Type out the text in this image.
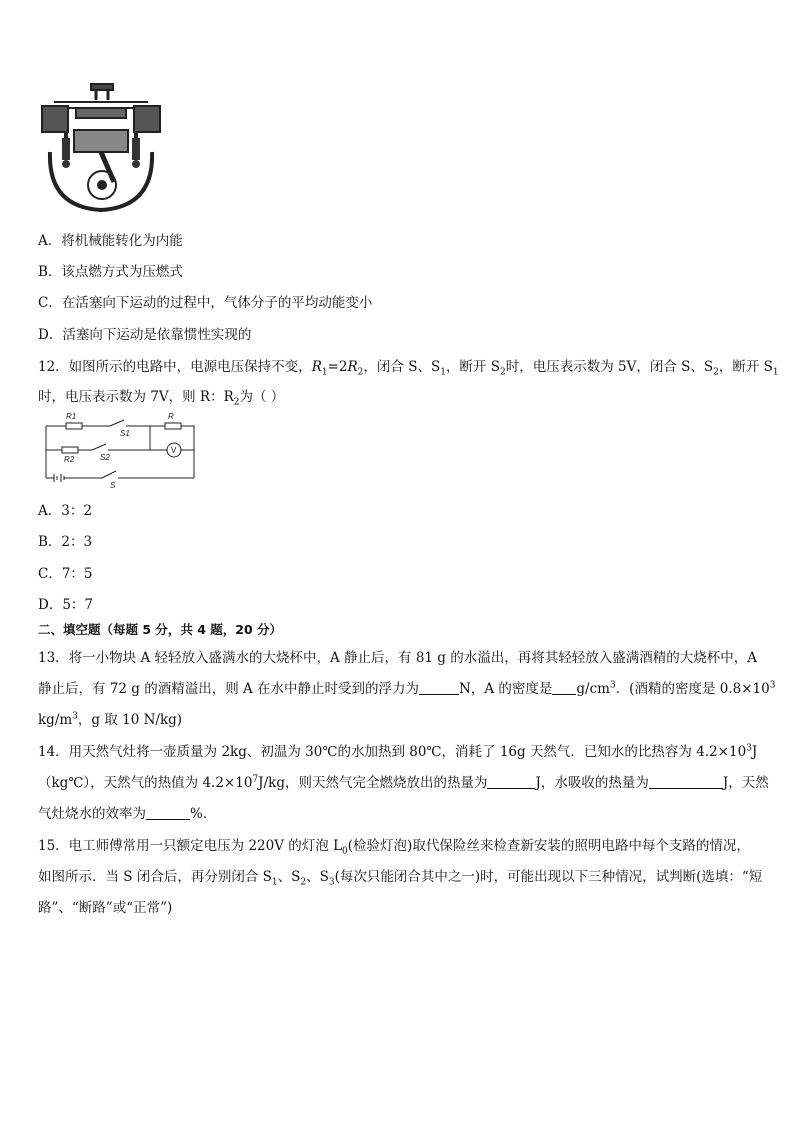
A．将机械能转化为内能
B．该点燃方式为压燃式
C．在活塞向下运动的过程中，气体分子的平均动能变小
D．活塞向下运动是依靠惯性实现的
12．如图所示的电路中，电源电压保持不变，$R_1=2R_2$，闭合 S、$S_1$，断开 $S_2$时，电压表示数为 5V，闭合 S、$S_2$，断开 $S_1$
时，电压表示数为 7V，则 R：$R_2$为（ ）
R1	R
S1
R2	S2
S
V
A．3：2
B．2：3
C．7：5
D．5：7
二、填空题（每题 5 分，共 4 题，20 分）
13．将一小物块 A 轻轻放入盛满水的大烧杯中，A 静止后，有 81 g 的水溢出，再将其轻轻放入盛满酒精的大烧杯中，A
静止后，有 72 g 的酒精溢出，则 A 在水中静止时受到的浮力为	N，A 的密度是 $g/cm^3$．(酒精的密度是 $0.8\times 10^3$
$kg/m^3$，g 取 10 N/kg)
14．用天然气灶将一壶质量为 2kg、初温为 30℃的水加热到 80℃，消耗了 16g 天然气．已知水的比热容为 $4.2\times 10^3J$
（kg℃），天然气的热值为 $4.2\times 10^7J/kg$，则天然气完全燃烧放出的热量为	J，水吸收的热量为	J，天然
气灶烧水的效率为	%．
15．电工师傅常用一只额定电压为 220V 的灯泡 $L_0$(检验灯泡)取代保险丝来检查新安装的照明电路中每个支路的情况，
如图所示．当 S 闭合后，再分别闭合 $S_1$、$S_2$、$S_3$(每次只能闭合其中之一)时，可能出现以下三种情况，试判断(选填：“短
路”、“断路”或“正常”)
